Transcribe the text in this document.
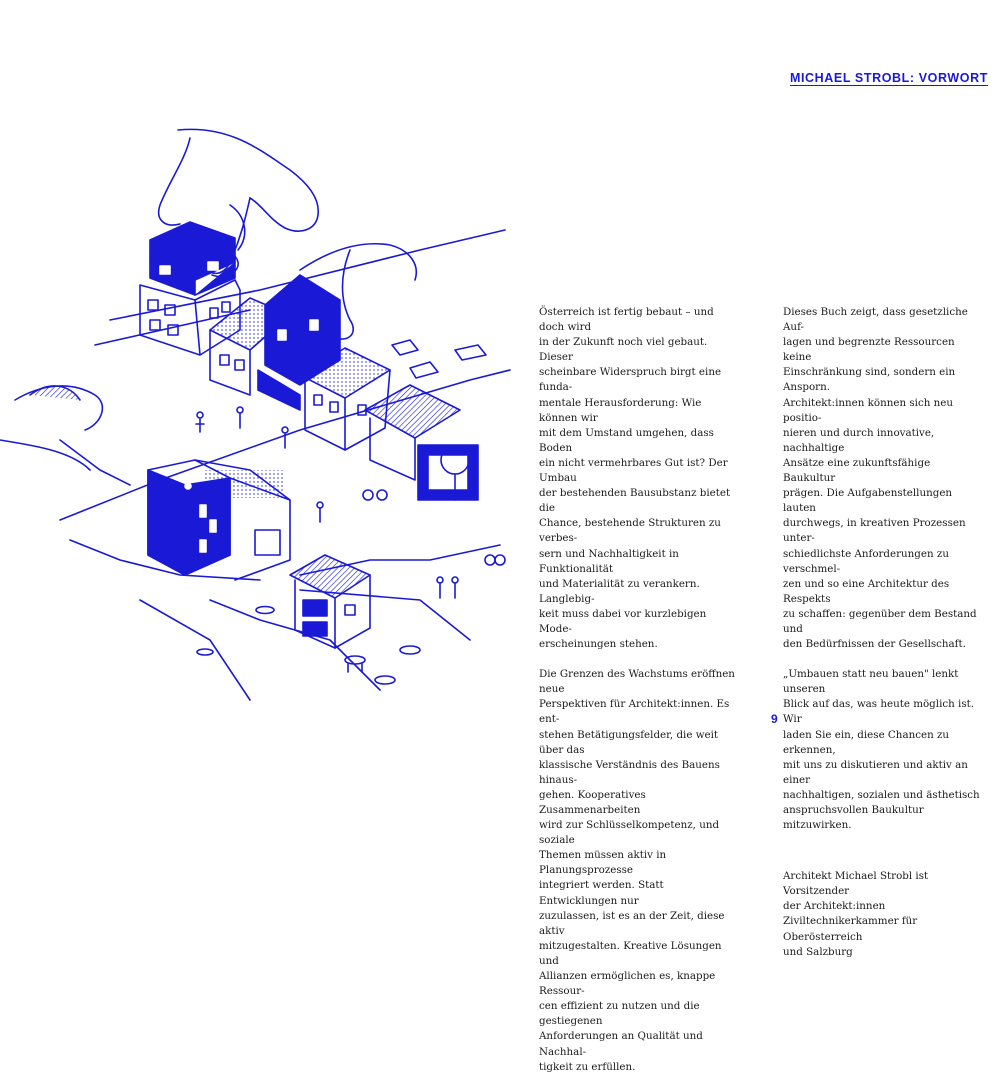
MICHAEL STROBL: VORWORT

Österreich ist fertig bebaut – und doch wird
in der Zukunft noch viel gebaut. Dieser
scheinbare Widerspruch birgt eine funda-
mentale Herausforderung: Wie können wir
mit dem Umstand umgehen, dass Boden
ein nicht vermehrbares Gut ist? Der Umbau
der bestehenden Bausubstanz bietet die
Chance, bestehende Strukturen zu verbes-
sern und Nachhaltigkeit in Funktionalität
und Materialität zu verankern. Langlebig-
keit muss dabei vor kurzlebigen Mode-
erscheinungen stehen.

Die Grenzen des Wachstums eröffnen neue
Perspektiven für Architekt:innen. Es ent-
stehen Betätigungsfelder, die weit über das
klassische Verständnis des Bauens hinaus-
gehen. Kooperatives Zusammenarbeiten
wird zur Schlüsselkompetenz, und soziale
Themen müssen aktiv in Planungsprozesse
integriert werden. Statt Entwicklungen nur
zuzulassen, ist es an der Zeit, diese aktiv
mitzugestalten. Kreative Lösungen und
Allianzen ermöglichen es, knappe Ressour-
cen effizient zu nutzen und die gestiegenen
Anforderungen an Qualität und Nachhal-
tigkeit zu erfüllen.

Dieses Buch zeigt, dass gesetzliche Auf-
lagen und begrenzte Ressourcen keine
Einschränkung sind, sondern ein Ansporn.
Architekt:innen können sich neu positio-
nieren und durch innovative, nachhaltige
Ansätze eine zukunftsfähige Baukultur
prägen. Die Aufgabenstellungen lauten
durchwegs, in kreativen Prozessen unter-
schiedlichste Anforderungen zu verschmel-
zen und so eine Architektur des Respekts
zu schaffen: gegenüber dem Bestand und
den Bedürfnissen der Gesellschaft.

„Umbauen statt neu bauen" lenkt unseren
Blick auf das, was heute möglich ist. Wir
laden Sie ein, diese Chancen zu erkennen,
mit uns zu diskutieren und aktiv an einer
nachhaltigen, sozialen und ästhetisch
anspruchsvollen Baukultur mitzuwirken.

Architekt Michael Strobl ist Vorsitzender
der Architekt:innen
Ziviltechnikerkammer für Oberösterreich
und Salzburg

9
